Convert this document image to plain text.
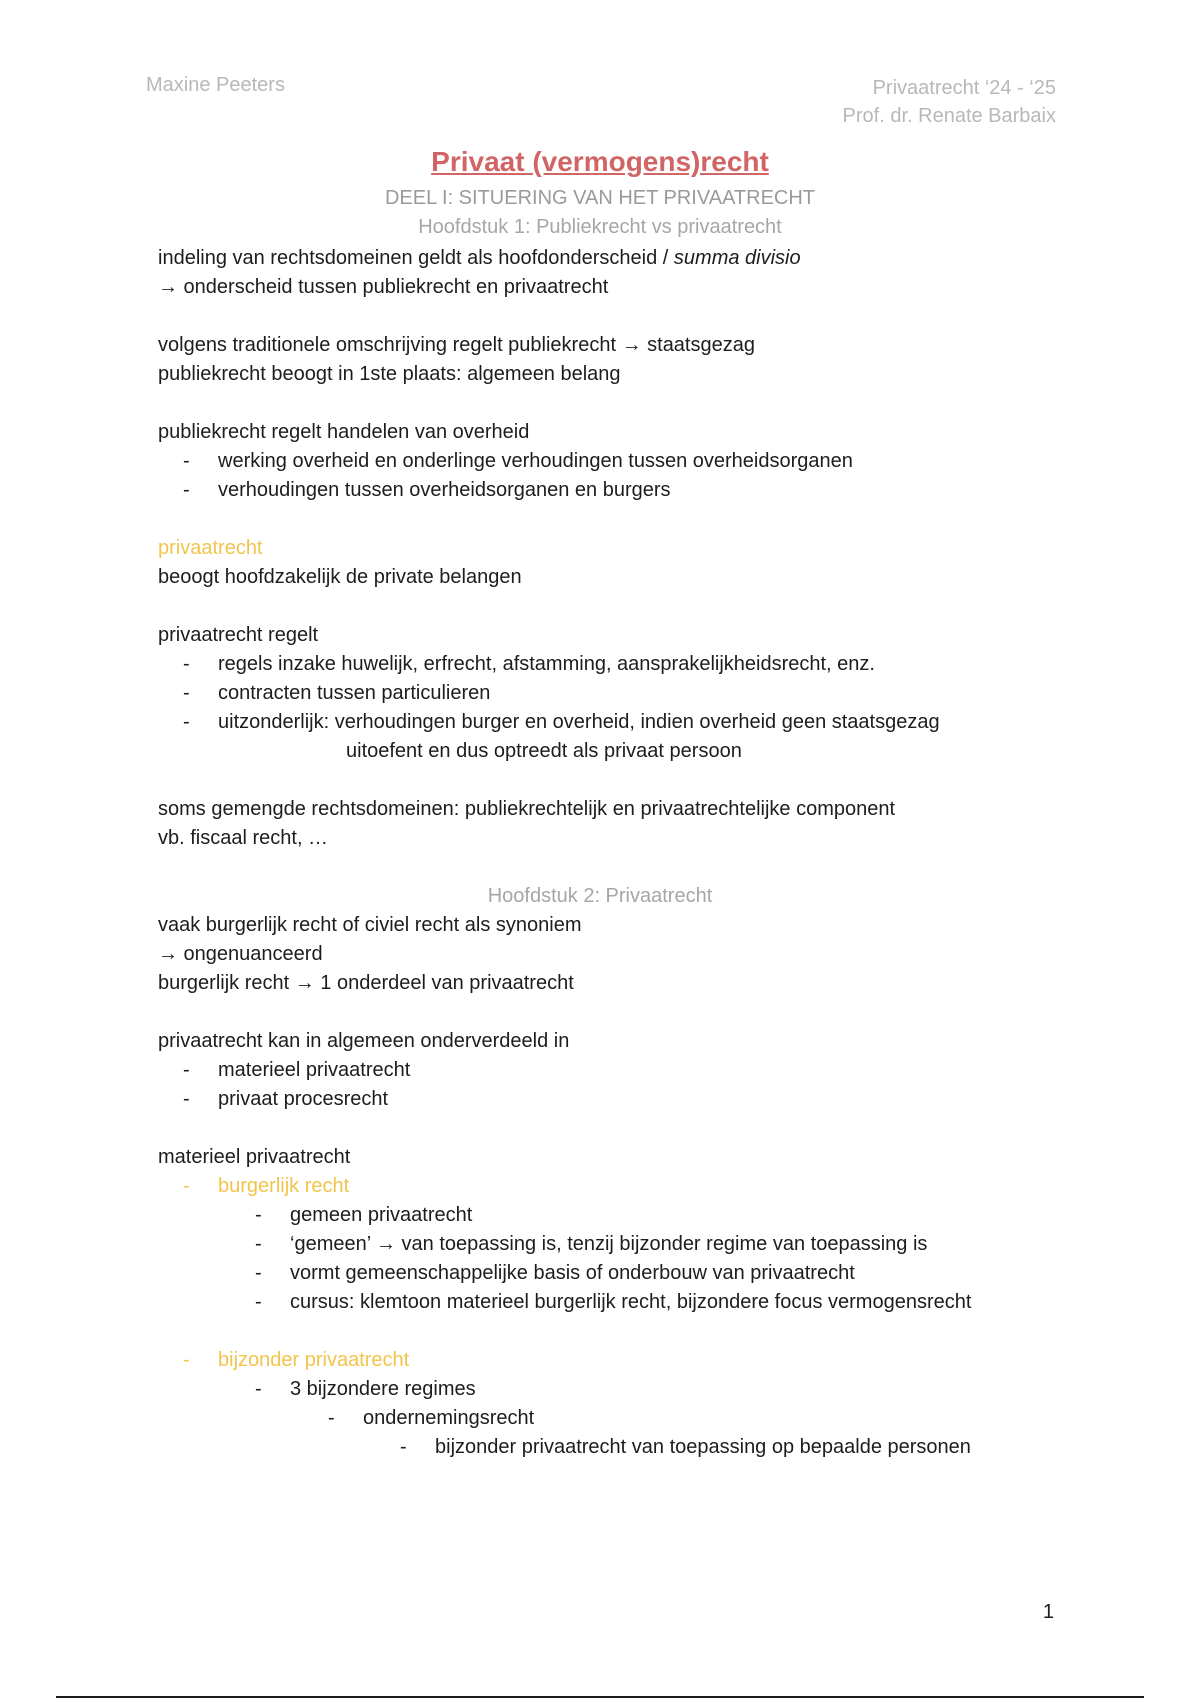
Maxine Peeters	Privaatrecht ‘24 - ‘25
Prof. dr. Renate Barbaix
Privaat (vermogens)recht
DEEL I: SITUERING VAN HET PRIVAATRECHT
Hoofdstuk 1: Publiekrecht vs privaatrecht
indeling van rechtsdomeinen geldt als hoofdonderscheid / summa divisio
→ onderscheid tussen publiekrecht en privaatrecht
volgens traditionele omschrijving regelt publiekrecht → staatsgezag
publiekrecht beoogt in 1ste plaats: algemeen belang
publiekrecht regelt handelen van overheid
- werking overheid en onderlinge verhoudingen tussen overheidsorganen
- verhoudingen tussen overheidsorganen en burgers
privaatrecht
beoogt hoofdzakelijk de private belangen
privaatrecht regelt
- regels inzake huwelijk, erfrecht, afstamming, aansprakelijkheidsrecht, enz.
- contracten tussen particulieren
- uitzonderlijk: verhoudingen burger en overheid, indien overheid geen staatsgezag
uitoefent en dus optreedt als privaat persoon
soms gemengde rechtsdomeinen: publiekrechtelijk en privaatrechtelijke component
vb. fiscaal recht, …
Hoofdstuk 2: Privaatrecht
vaak burgerlijk recht of civiel recht als synoniem
→ ongenuanceerd
burgerlijk recht → 1 onderdeel van privaatrecht
privaatrecht kan in algemeen onderverdeeld in
- materieel privaatrecht
- privaat procesrecht
materieel privaatrecht
- burgerlijk recht
- gemeen privaatrecht
- ‘gemeen’ → van toepassing is, tenzij bijzonder regime van toepassing is
- vormt gemeenschappelijke basis of onderbouw van privaatrecht
- cursus: klemtoon materieel burgerlijk recht, bijzondere focus vermogensrecht
- bijzonder privaatrecht
- 3 bijzondere regimes
- ondernemingsrecht
- bijzonder privaatrecht van toepassing op bepaalde personen
1
